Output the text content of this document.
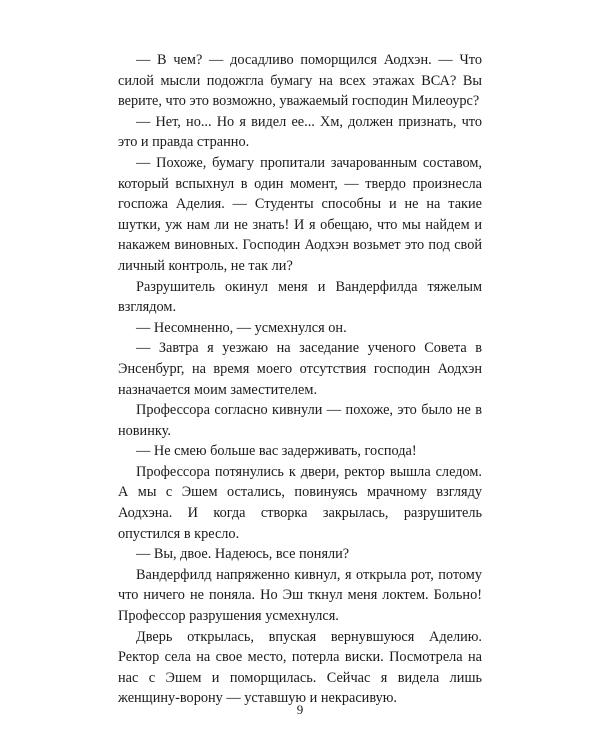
— В чем? — досадливо поморщился Аодхэн. — Что силой мысли подожгла бумагу на всех этажах ВСА? Вы верите, что это возможно, уважаемый господин Милеоурс?

— Нет, но... Но я видел ее... Хм, должен признать, что это и правда странно.

— Похоже, бумагу пропитали зачарованным составом, который вспыхнул в один момент, — твердо произнесла госпожа Аделия. — Студенты способны и не на такие шутки, уж нам ли не знать! И я обещаю, что мы найдем и накажем виновных. Господин Аодхэн возьмет это под свой личный контроль, не так ли?

Разрушитель окинул меня и Вандерфилда тяжелым взглядом.

— Несомненно, — усмехнулся он.

— Завтра я уезжаю на заседание ученого Совета в Энсенбург, на время моего отсутствия господин Аодхэн назначается моим заместителем.

Профессора согласно кивнули — похоже, это было не в новинку.

— Не смею больше вас задерживать, господа!

Профессора потянулись к двери, ректор вышла следом. А мы с Эшем остались, повинуясь мрачному взгляду Аодхэна. И когда створка закрылась, разрушитель опустился в кресло.

— Вы, двое. Надеюсь, все поняли?

Вандерфилд напряженно кивнул, я открыла рот, потому что ничего не поняла. Но Эш ткнул меня локтем. Больно! Профессор разрушения усмехнулся.

Дверь открылась, впуская вернувшуюся Аделию. Ректор села на свое место, потерла виски. Посмотрела на нас с Эшем и поморщилась. Сейчас я видела лишь женщину-ворону — уставшую и некрасивую.

9
